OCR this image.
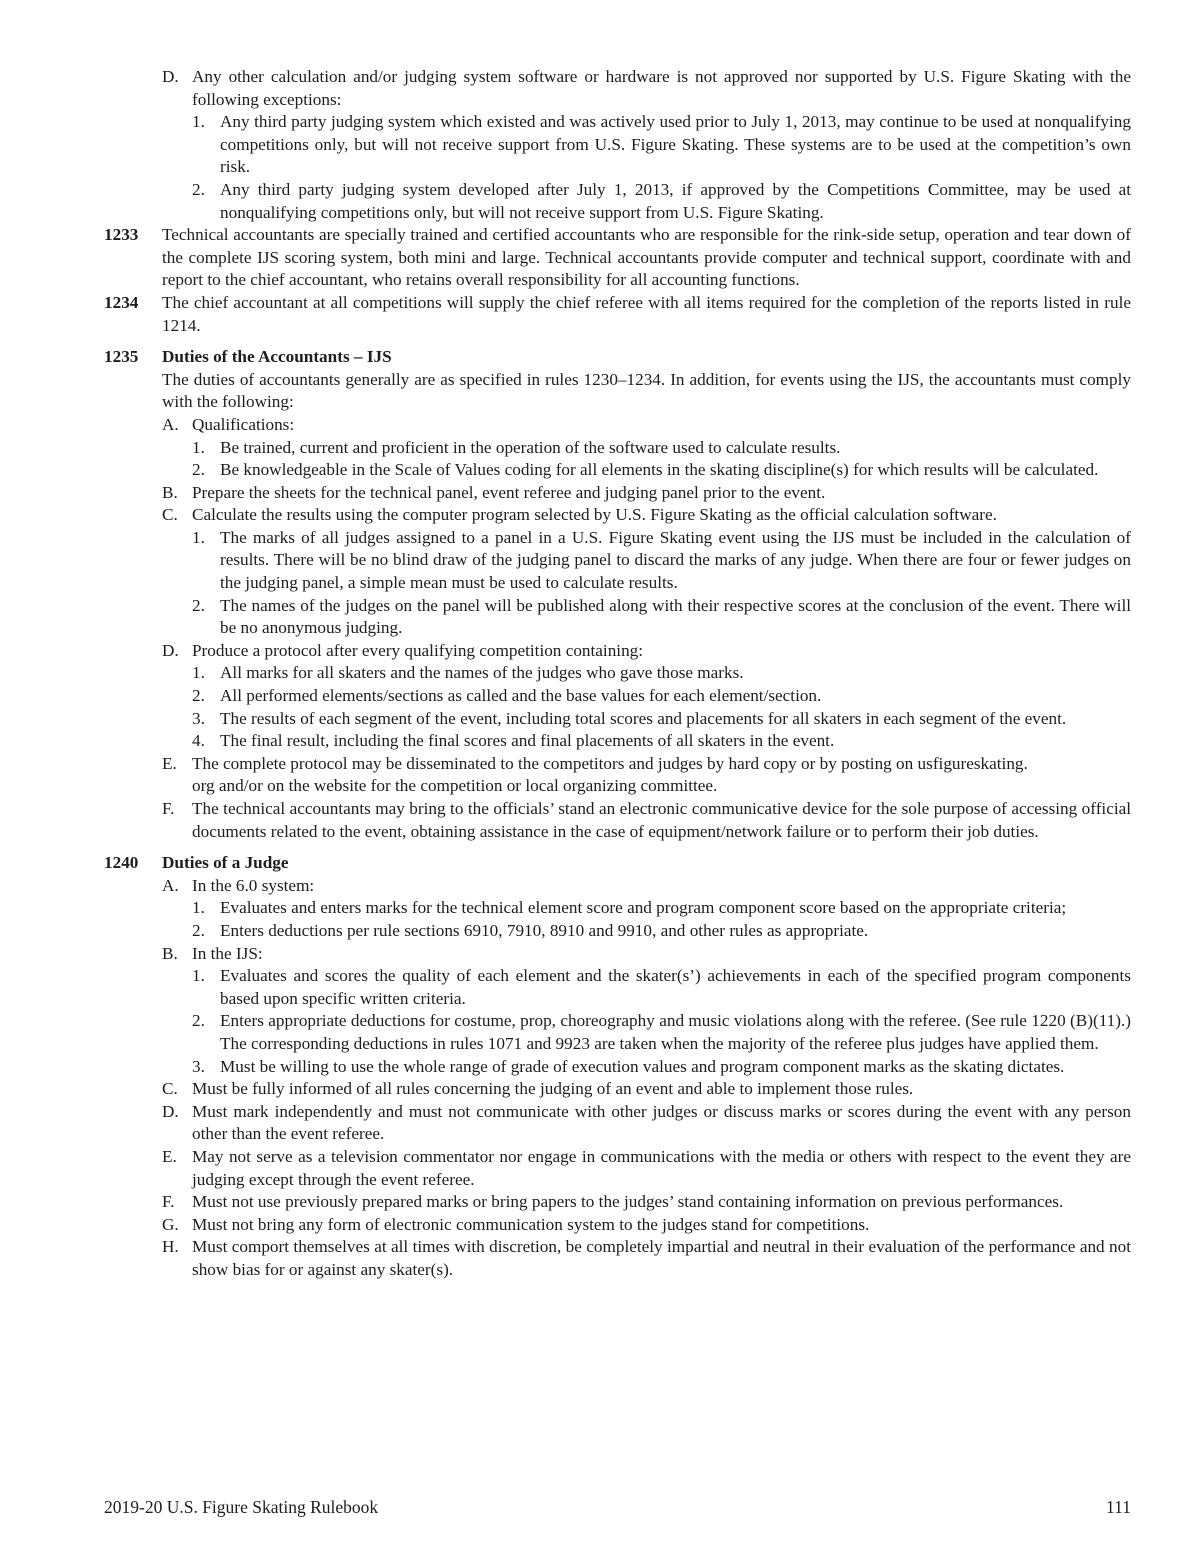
D. Any other calculation and/or judging system software or hardware is not approved nor supported by U.S. Figure Skating with the following exceptions:

1. Any third party judging system which existed and was actively used prior to July 1, 2013, may continue to be used at nonqualifying competitions only, but will not receive support from U.S. Figure Skating. These systems are to be used at the competition’s own risk.

2. Any third party judging system developed after July 1, 2013, if approved by the Competitions Committee, may be used at nonqualifying competitions only, but will not receive support from U.S. Figure Skating.

1233 Technical accountants are specially trained and certified accountants who are responsible for the rink-side setup, operation and tear down of the complete IJS scoring system, both mini and large. Technical accountants provide computer and technical support, coordinate with and report to the chief accountant, who retains overall responsibility for all accounting functions.

1234 The chief accountant at all competitions will supply the chief referee with all items required for the completion of the reports listed in rule 1214.

1235 Duties of the Accountants – IJS

The duties of accountants generally are as specified in rules 1230–1234. In addition, for events using the IJS, the accountants must comply with the following:

A. Qualifications:

1. Be trained, current and proficient in the operation of the software used to calculate results.

2. Be knowledgeable in the Scale of Values coding for all elements in the skating discipline(s) for which results will be calculated.

B. Prepare the sheets for the technical panel, event referee and judging panel prior to the event.

C. Calculate the results using the computer program selected by U.S. Figure Skating as the official calculation software.

1. The marks of all judges assigned to a panel in a U.S. Figure Skating event using the IJS must be included in the calculation of results. There will be no blind draw of the judging panel to discard the marks of any judge. When there are four or fewer judges on the judging panel, a simple mean must be used to calculate results.

2. The names of the judges on the panel will be published along with their respective scores at the conclusion of the event. There will be no anonymous judging.

D. Produce a protocol after every qualifying competition containing:

1. All marks for all skaters and the names of the judges who gave those marks.

2. All performed elements/sections as called and the base values for each element/section.

3. The results of each segment of the event, including total scores and placements for all skaters in each segment of the event.

4. The final result, including the final scores and final placements of all skaters in the event.

E. The complete protocol may be disseminated to the competitors and judges by hard copy or by posting on usfigureskating.

org and/or on the website for the competition or local organizing committee.

F. The technical accountants may bring to the officials’ stand an electronic communicative device for the sole purpose of accessing official documents related to the event, obtaining assistance in the case of equipment/network failure or to perform their job duties.

1240 Duties of a Judge

A. In the 6.0 system:

1. Evaluates and enters marks for the technical element score and program component score based on the appropriate criteria;

2. Enters deductions per rule sections 6910, 7910, 8910 and 9910, and other rules as appropriate.

B. In the IJS:

1. Evaluates and scores the quality of each element and the skater(s’) achievements in each of the specified program components based upon specific written criteria.

2. Enters appropriate deductions for costume, prop, choreography and music violations along with the referee. (See rule 1220 (B)(11).) The corresponding deductions in rules 1071 and 9923 are taken when the majority of the referee plus judges have applied them.

3. Must be willing to use the whole range of grade of execution values and program component marks as the skating dictates.

C. Must be fully informed of all rules concerning the judging of an event and able to implement those rules.

D. Must mark independently and must not communicate with other judges or discuss marks or scores during the event with any person other than the event referee.

E. May not serve as a television commentator nor engage in communications with the media or others with respect to the event they are judging except through the event referee.

F. Must not use previously prepared marks or bring papers to the judges’ stand containing information on previous performances.

G. Must not bring any form of electronic communication system to the judges stand for competitions.

H. Must comport themselves at all times with discretion, be completely impartial and neutral in their evaluation of the performance and not show bias for or against any skater(s).

2019-20 U.S. Figure Skating Rulebook	111
